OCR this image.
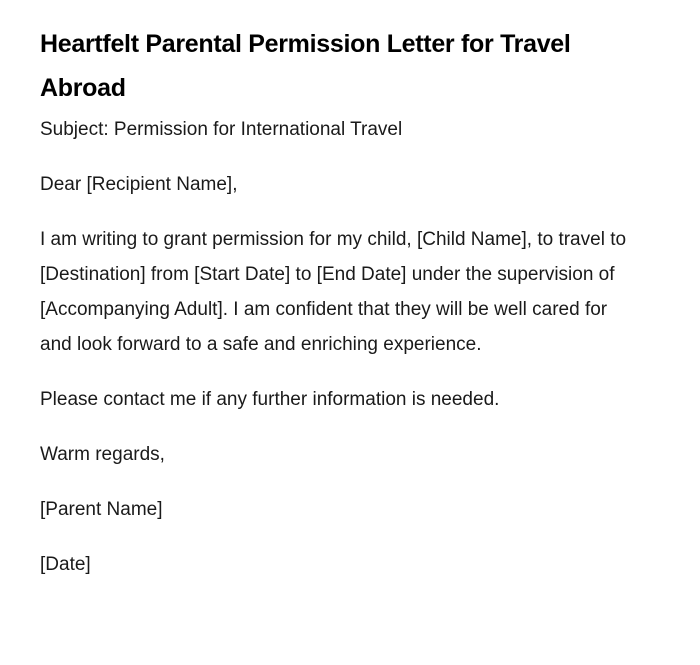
Heartfelt Parental Permission Letter for Travel Abroad

Subject: Permission for International Travel

Dear [Recipient Name],

I am writing to grant permission for my child, [Child Name], to travel to [Destination] from [Start Date] to [End Date] under the supervision of [Accompanying Adult]. I am confident that they will be well cared for and look forward to a safe and enriching experience.

Please contact me if any further information is needed.

Warm regards,

[Parent Name]

[Date]
